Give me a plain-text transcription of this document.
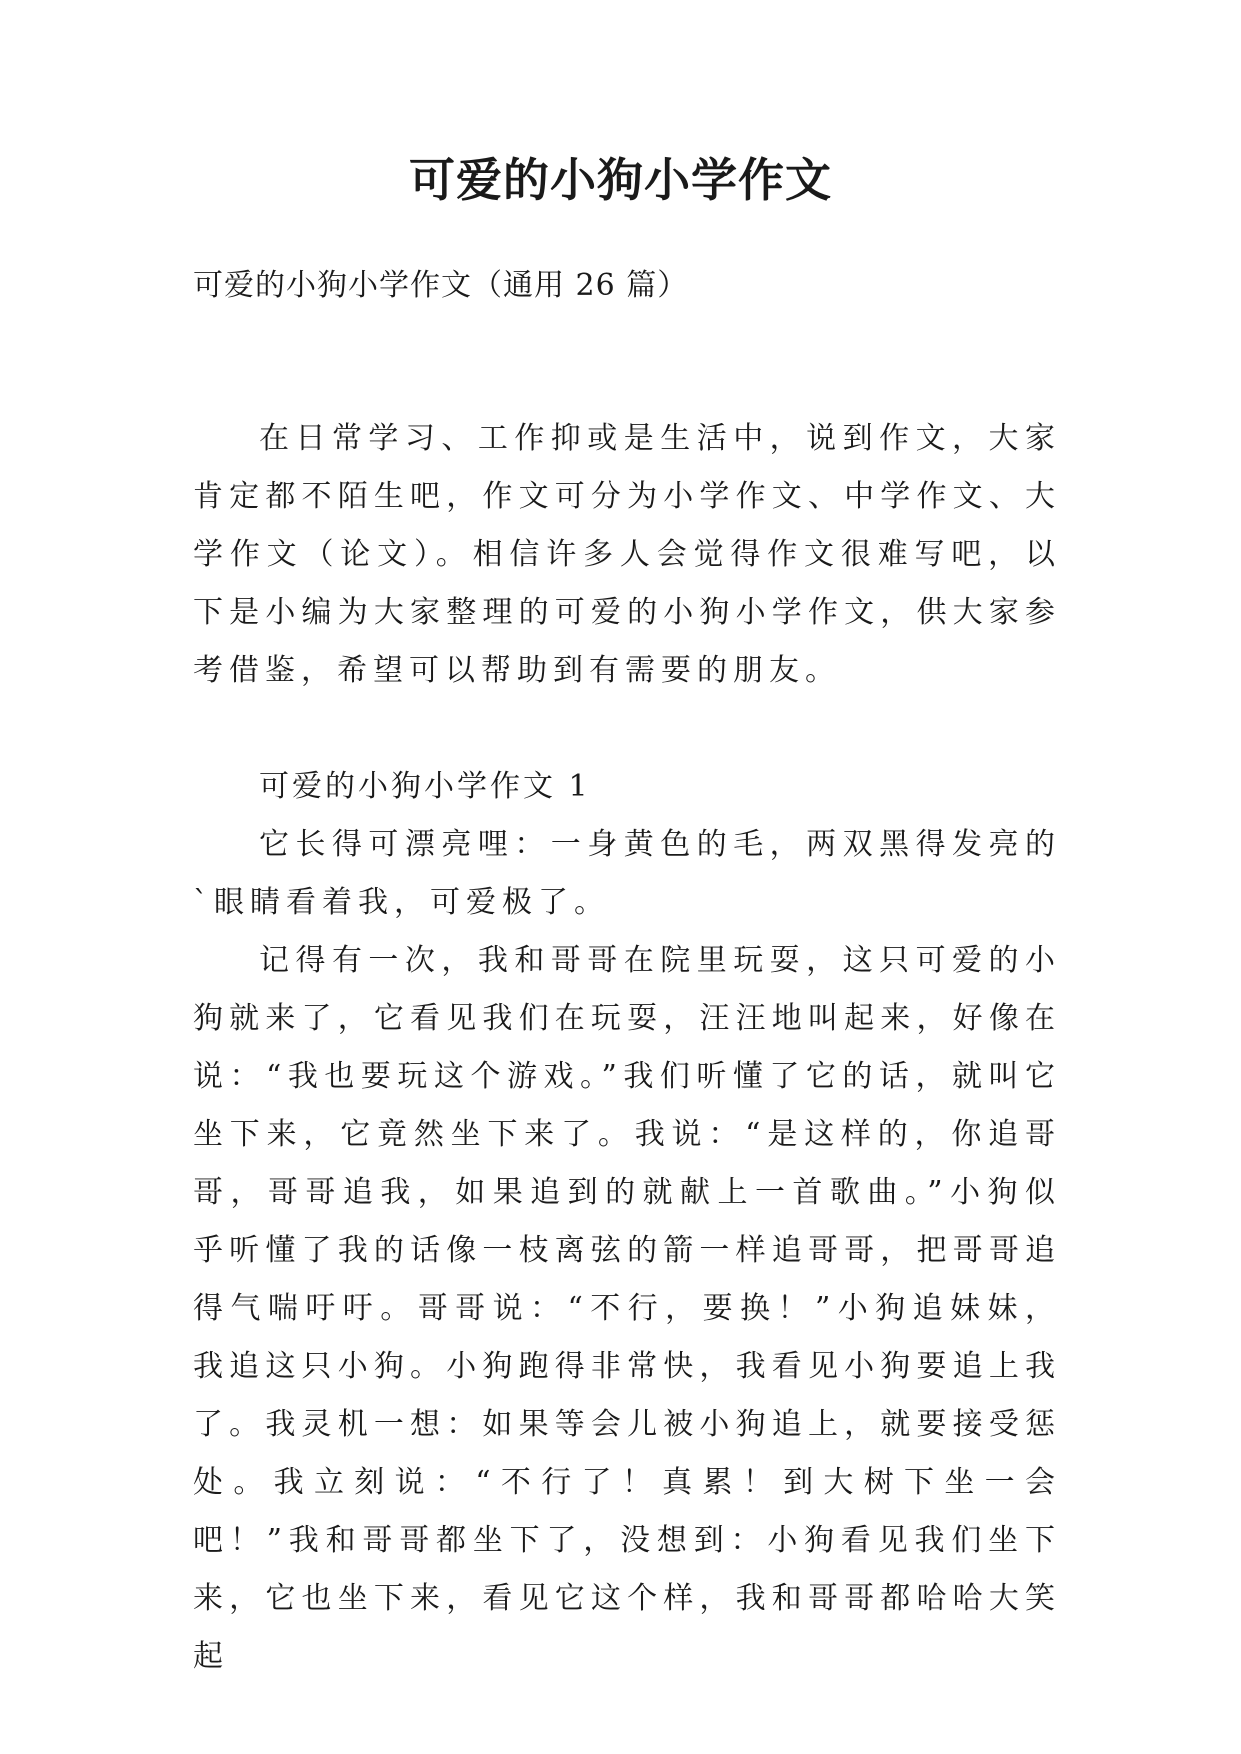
可爱的小狗小学作文
可爱的小狗小学作文（通用 26 篇）

在日常学习、工作抑或是生活中，说到作文，大家肯定都不陌生吧，作文可分为小学作文、中学作文、大学作文（论文）。相信许多人会觉得作文很难写吧，以下是小编为大家整理的可爱的小狗小学作文，供大家参考借鉴，希望可以帮助到有需要的朋友。

可爱的小狗小学作文 1

它长得可漂亮哩：一身黄色的毛，两双黑得发亮的`眼睛看着我，可爱极了。

记得有一次，我和哥哥在院里玩耍，这只可爱的小狗就来了，它看见我们在玩耍，汪汪地叫起来，好像在说：“我也要玩这个游戏。”我们听懂了它的话，就叫它坐下来，它竟然坐下来了。我说：“是这样的，你追哥哥，哥哥追我，如果追到的就献上一首歌曲。”小狗似乎听懂了我的话像一枝离弦的箭一样追哥哥，把哥哥追得气喘吁吁。哥哥说：“不行，要换！”小狗追妹妹，我追这只小狗。小狗跑得非常快，我看见小狗要追上我了。我灵机一想：如果等会儿被小狗追上，就要接受惩处。我立刻说：“不行了！真累！到大树下坐一会吧！”我和哥哥都坐下了，没想到：小狗看见我们坐下来，它也坐下来，看见它这个样，我和哥哥都哈哈大笑起
